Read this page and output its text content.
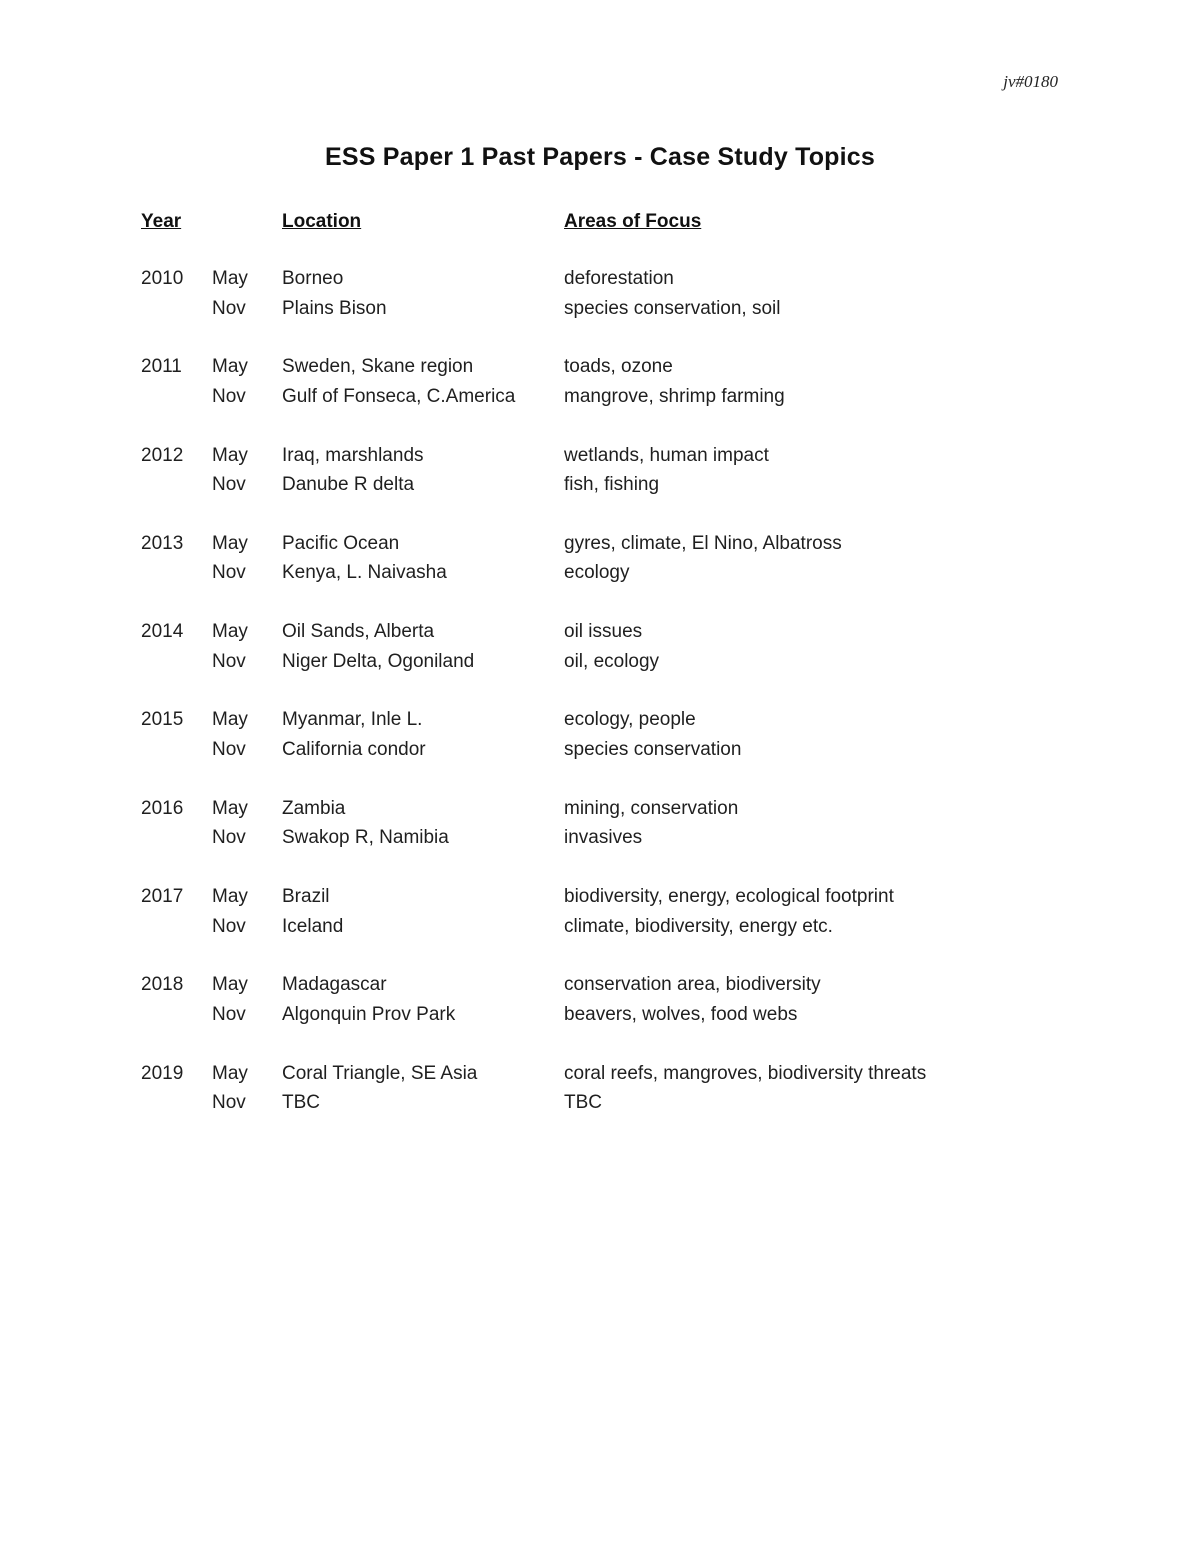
jv#0180
ESS Paper 1 Past Papers - Case Study Topics
Year	Location	Areas of Focus
2010 May Borneo	deforestation
Nov Plains Bison	species conservation, soil
2011 May Sweden, Skane region	toads, ozone
Nov Gulf of Fonseca, C.America	mangrove, shrimp farming
2012 May Iraq, marshlands	wetlands, human impact
Nov Danube R delta	fish, fishing
2013 May Pacific Ocean	gyres, climate, El Nino, Albatross
Nov Kenya, L. Naivasha	ecology
2014 May Oil Sands, Alberta	oil issues
Nov Niger Delta, Ogoniland	oil, ecology
2015 May Myanmar, Inle L.	ecology, people
Nov California condor	species conservation
2016 May Zambia	mining, conservation
Nov Swakop R, Namibia	invasives
2017 May Brazil	biodiversity, energy, ecological footprint
Nov Iceland	climate, biodiversity, energy etc.
2018 May Madagascar	conservation area, biodiversity
Nov Algonquin Prov Park	beavers, wolves, food webs
2019 May Coral Triangle, SE Asia	coral reefs, mangroves, biodiversity threats
Nov TBC	TBC
